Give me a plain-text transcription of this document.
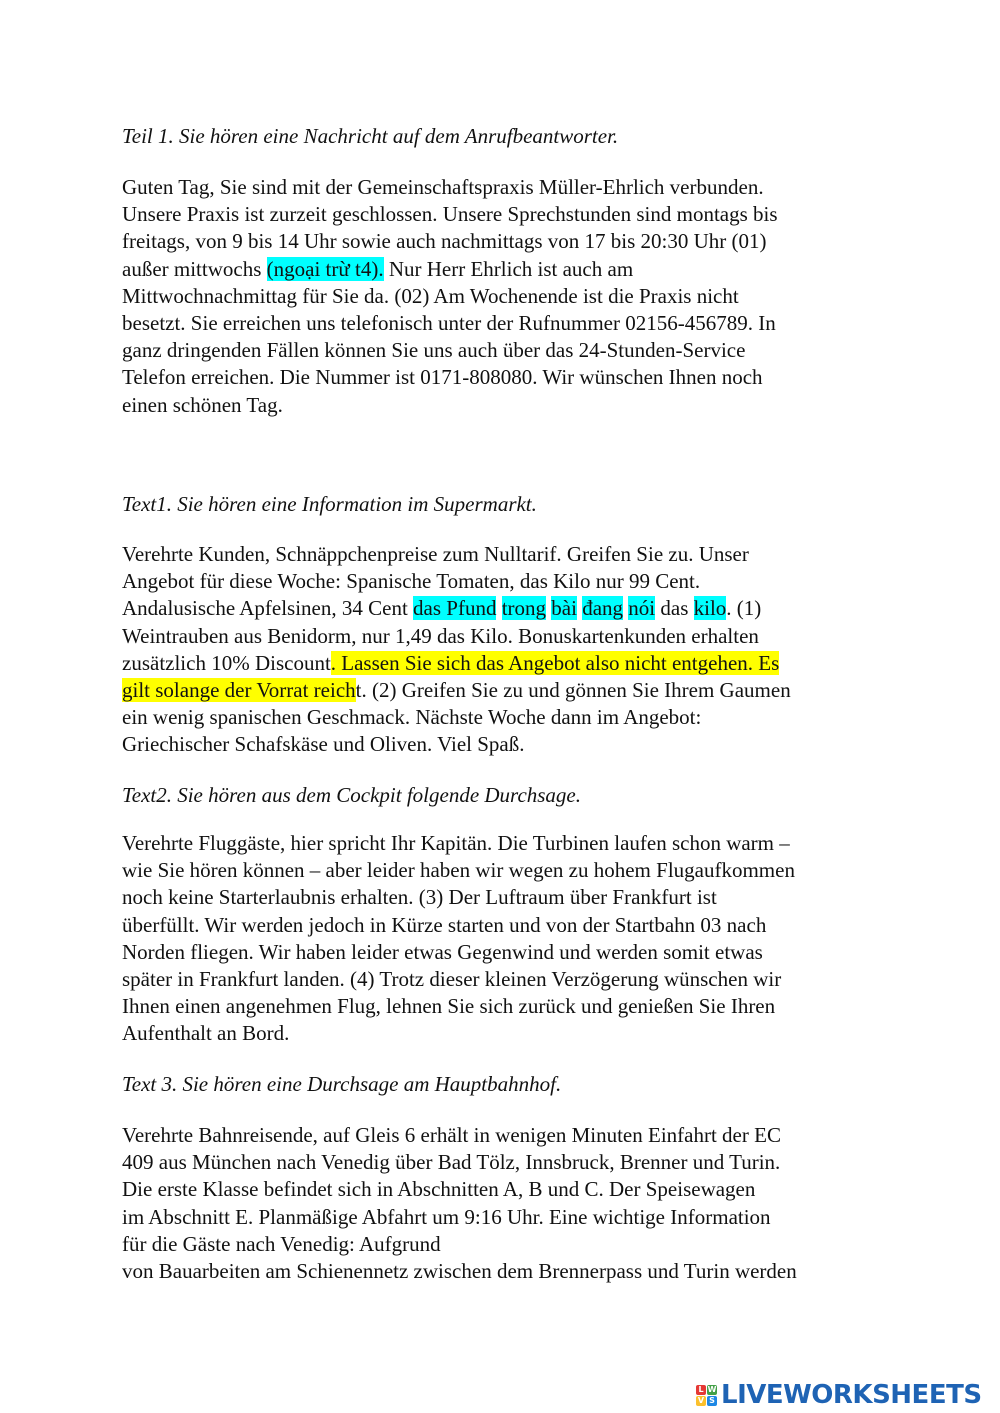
Teil 1. Sie hören eine Nachricht auf dem Anrufbeantworter.

Guten Tag, Sie sind mit der Gemeinschaftspraxis Müller-Ehrlich verbunden.
Unsere Praxis ist zurzeit geschlossen. Unsere Sprechstunden sind montags bis
freitags, von 9 bis 14 Uhr sowie auch nachmittags von 17 bis 20:30 Uhr (01)
außer mittwochs (ngoại trừ t4). Nur Herr Ehrlich ist auch am
Mittwochnachmittag für Sie da. (02) Am Wochenende ist die Praxis nicht
besetzt. Sie erreichen uns telefonisch unter der Rufnummer 02156-456789. In
ganz dringenden Fällen können Sie uns auch über das 24-Stunden-Service
Telefon erreichen. Die Nummer ist 0171-808080. Wir wünschen Ihnen noch
einen schönen Tag.

Text1. Sie hören eine Information im Supermarkt.

Verehrte Kunden, Schnäppchenpreise zum Nulltarif. Greifen Sie zu. Unser
Angebot für diese Woche: Spanische Tomaten, das Kilo nur 99 Cent.
Andalusische Apfelsinen, 34 Cent das Pfund trong bài đang nói das kilo. (1)
Weintrauben aus Benidorm, nur 1,49 das Kilo. Bonuskartenkunden erhalten
zusätzlich 10% Discount. Lassen Sie sich das Angebot also nicht entgehen. Es
gilt solange der Vorrat reicht. (2) Greifen Sie zu und gönnen Sie Ihrem Gaumen
ein wenig spanischen Geschmack. Nächste Woche dann im Angebot:
Griechischer Schafskäse und Oliven. Viel Spaß.

Text2. Sie hören aus dem Cockpit folgende Durchsage.

Verehrte Fluggäste, hier spricht Ihr Kapitän. Die Turbinen laufen schon warm –
wie Sie hören können – aber leider haben wir wegen zu hohem Flugaufkommen
noch keine Starterlaubnis erhalten. (3) Der Luftraum über Frankfurt ist
überfüllt. Wir werden jedoch in Kürze starten und von der Startbahn 03 nach
Norden fliegen. Wir haben leider etwas Gegenwind und werden somit etwas
später in Frankfurt landen. (4) Trotz dieser kleinen Verzögerung wünschen wir
Ihnen einen angenehmen Flug, lehnen Sie sich zurück und genießen Sie Ihren
Aufenthalt an Bord.

Text 3. Sie hören eine Durchsage am Hauptbahnhof.

Verehrte Bahnreisende, auf Gleis 6 erhält in wenigen Minuten Einfahrt der EC
409 aus München nach Venedig über Bad Tölz, Innsbruck, Brenner und Turin.
Die erste Klasse befindet sich in Abschnitten A, B und C. Der Speisewagen
im Abschnitt E. Planmäßige Abfahrt um 9:16 Uhr. Eine wichtige Information
für die Gäste nach Venedig: Aufgrund
von Bauarbeiten am Schienennetz zwischen dem Brennerpass und Turin werden

L W
V S LIVEWORKSHEETS
